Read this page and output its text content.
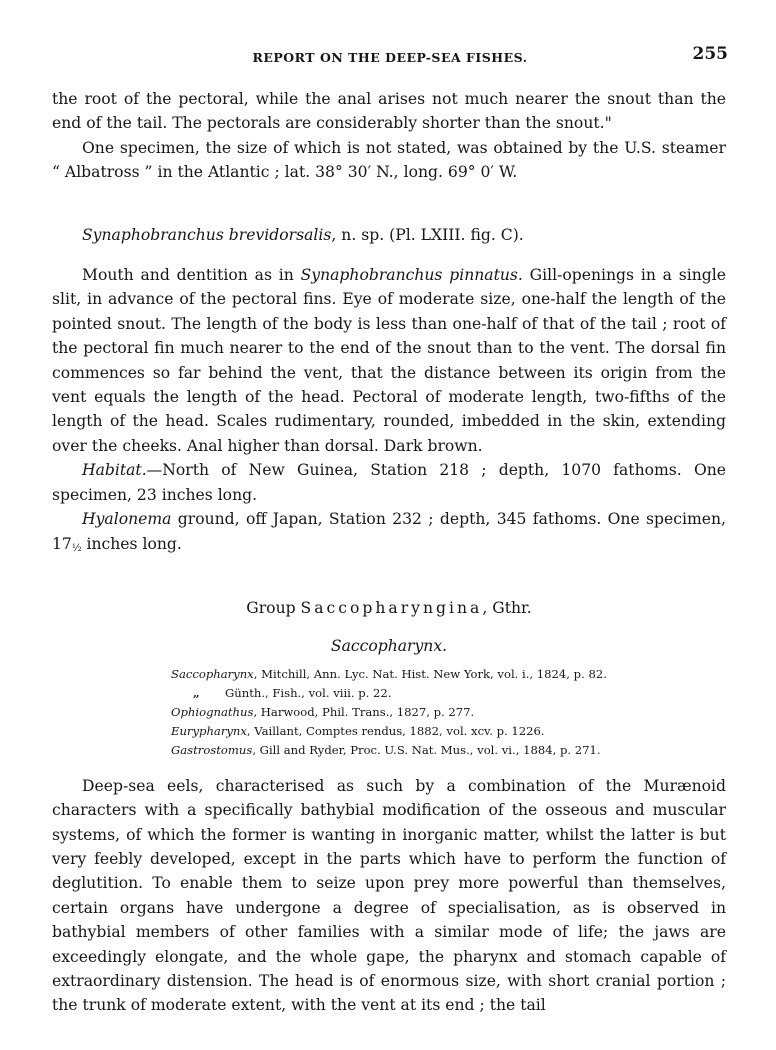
REPORT ON THE DEEP-SEA FISHES.	255

the root of the pectoral, while the anal arises not much nearer the snout than the end of the tail. The pectorals are considerably shorter than the snout."

One specimen, the size of which is not stated, was obtained by the U.S. steamer “ Albatross ” in the Atlantic ; lat. 38° 30′ N., long. 69° 0′ W.

Synaphobranchus brevidorsalis, n. sp. (Pl. LXIII. fig. C).

Mouth and dentition as in Synaphobranchus pinnatus. Gill-openings in a single slit, in advance of the pectoral fins. Eye of moderate size, one-half the length of the pointed snout. The length of the body is less than one-half of that of the tail ; root of the pectoral fin much nearer to the end of the snout than to the vent. The dorsal fin commences so far behind the vent, that the distance between its origin from the vent equals the length of the head. Pectoral of moderate length, two-fifths of the length of the head. Scales rudimentary, rounded, imbedded in the skin, extending over the cheeks. Anal higher than dorsal. Dark brown.

Habitat.—North of New Guinea, Station 218 ; depth, 1070 fathoms. One specimen, 23 inches long.

Hyalonema ground, off Japan, Station 232 ; depth, 345 fathoms. One specimen, 17½ inches long.

Group Saccopharyngina, Gthr.

Saccopharynx.

Saccopharynx, Mitchill, Ann. Lyc. Nat. Hist. New York, vol. i., 1824, p. 82.
„ Günth., Fish., vol. viii. p. 22.
Ophiognathus, Harwood, Phil. Trans., 1827, p. 277.
Eurypharynx, Vaillant, Comptes rendus, 1882, vol. xcv. p. 1226.
Gastrostomus, Gill and Ryder, Proc. U.S. Nat. Mus., vol. vi., 1884, p. 271.

Deep-sea eels, characterised as such by a combination of the Murænoid characters with a specifically bathybial modification of the osseous and muscular systems, of which the former is wanting in inorganic matter, whilst the latter is but very feebly developed, except in the parts which have to perform the function of deglutition. To enable them to seize upon prey more powerful than themselves, certain organs have undergone a degree of specialisation, as is observed in bathybial members of other families with a similar mode of life; the jaws are exceedingly elongate, and the whole gape, the pharynx and stomach capable of extraordinary distension. The head is of enormous size, with short cranial portion ; the trunk of moderate extent, with the vent at its end ; the tail
